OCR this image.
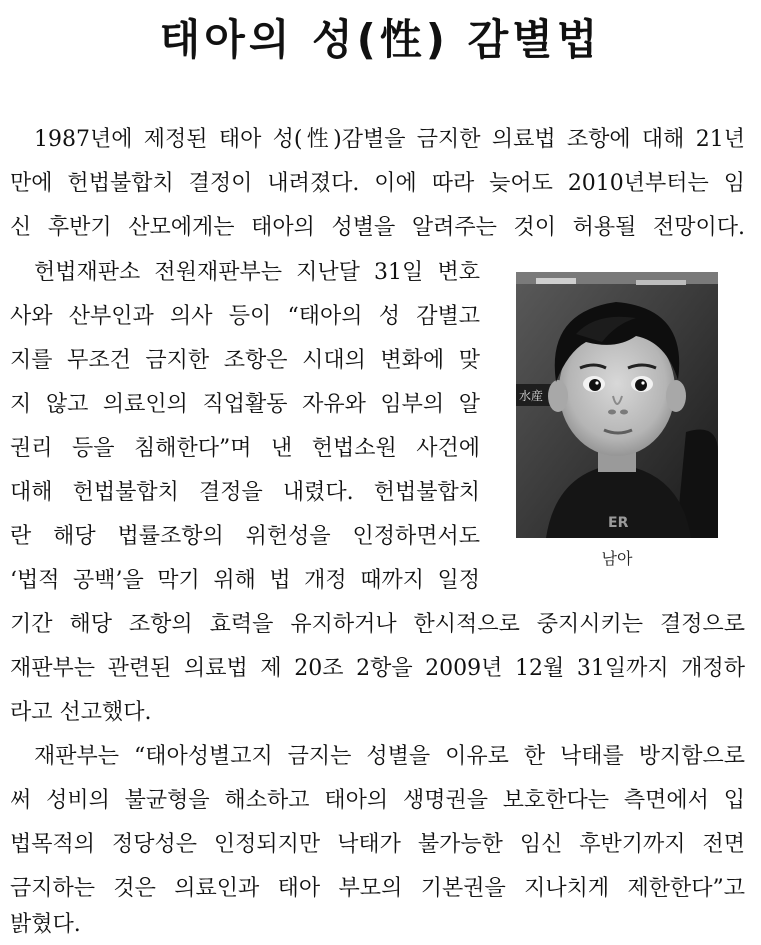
태아의 성(性) 감별법
1987년에 제정된 태아 성(性)감별을 금지한 의료법 조항에 대해 21년
만에 헌법불합치 결정이 내려졌다. 이에 따라 늦어도 2010년부터는 임
신 후반기 산모에게는 태아의 성별을 알려주는 것이 허용될 전망이다.
헌법재판소 전원재판부는 지난달 31일 변호
사와 산부인과 의사 등이 “태아의 성 감별고
지를 무조건 금지한 조항은 시대의 변화에 맞
지 않고 의료인의 직업활동 자유와 임부의 알
권리 등을 침해한다”며 낸 헌법소원 사건에
대해 헌법불합치 결정을 내렸다. 헌법불합치
란 해당 법률조항의 위헌성을 인정하면서도
‘법적 공백’을 막기 위해 법 개정 때까지 일정
기간 해당 조항의 효력을 유지하거나 한시적으로 중지시키는 결정으로
재판부는 관련된 의료법 제 20조 2항을 2009년 12월 31일까지 개정하
라고 선고했다.
재판부는 “태아성별고지 금지는 성별을 이유로 한 낙태를 방지함으로
써 성비의 불균형을 해소하고 태아의 생명권을 보호한다는 측면에서 입
법목적의 정당성은 인정되지만 낙태가 불가능한 임신 후반기까지 전면
금지하는 것은 의료인과 태아 부모의 기본권을 지나치게 제한한다”고
밝혔다.
水産
ER
남아
